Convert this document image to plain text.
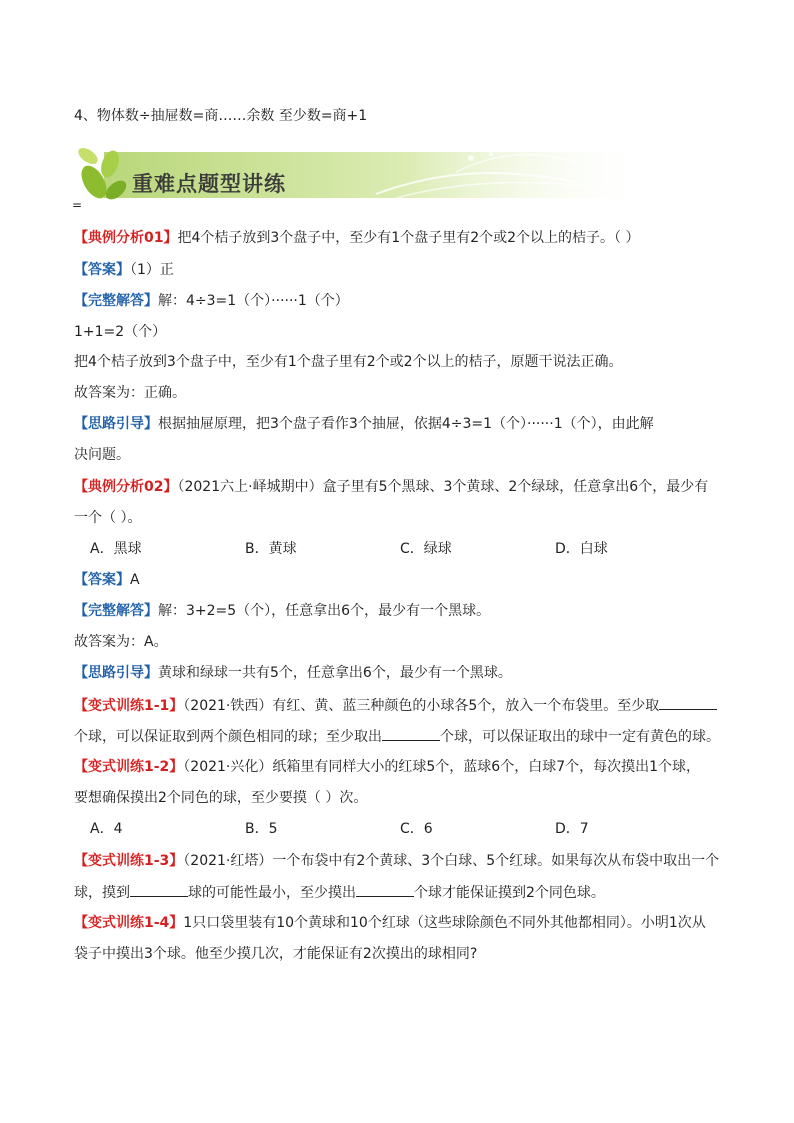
4、物体数÷抽屉数=商……余数 至少数=商+1
重难点题型讲练
=
【典例分析01】把4个桔子放到3个盘子中，至少有1个盘子里有2个或2个以上的桔子。（ ）
【答案】（1）正
【完整解答】解：4÷3=1（个）······1（个）
1+1=2（个）
把4个桔子放到3个盘子中，至少有1个盘子里有2个或2个以上的桔子，原题干说法正确。
故答案为：正确。
【思路引导】根据抽屉原理，把3个盘子看作3个抽屉，依据4÷3=1（个）······1（个），由此解
决问题。
【典例分析02】（2021六上·峄城期中）盒子里有5个黑球、3个黄球、2个绿球，任意拿出6个，最少有
一个（ ）。
A．黑球	B．黄球	C．绿球	D．白球
【答案】A
【完整解答】解：3+2=5（个），任意拿出6个，最少有一个黑球。
故答案为：A。
【思路引导】黄球和绿球一共有5个，任意拿出6个，最少有一个黑球。
【变式训练1-1】（2021·铁西）有红、黄、蓝三种颜色的小球各5个，放入一个布袋里。至少取
个球，可以保证取到两个颜色相同的球；至少取出	个球，可以保证取出的球中一定有黄色的球。
【变式训练1-2】（2021·兴化）纸箱里有同样大小的红球5个，蓝球6个，白球7个，每次摸出1个球，
要想确保摸出2个同色的球，至少要摸（ ）次。
A．4	B．5	C．6	D．7
【变式训练1-3】（2021·红塔）一个布袋中有2个黄球、3个白球、5个红球。如果每次从布袋中取出一个
球，摸到	球的可能性最小，至少摸出	个球才能保证摸到2个同色球。
【变式训练1-4】1只口袋里装有10个黄球和10个红球（这些球除颜色不同外其他都相同）。小明1次从
袋子中摸出3个球。他至少摸几次，才能保证有2次摸出的球相同?
